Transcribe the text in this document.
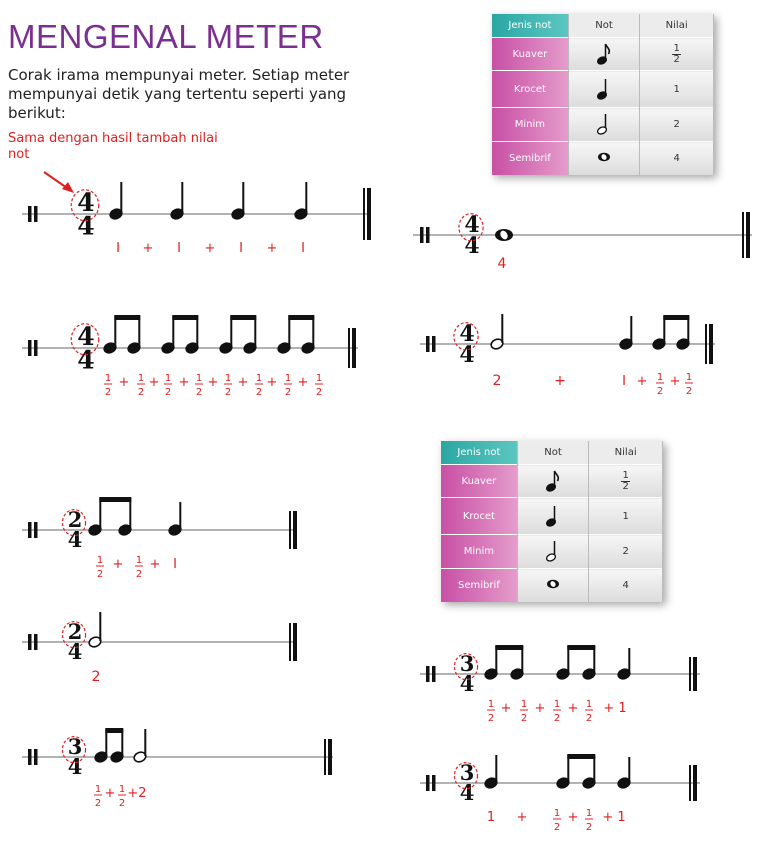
MENGENAL METER

Corak irama mempunyai meter. Setiap meter mempunyai detik yang tertentu seperti yang berikut:

Sama dengan hasil tambah nilai not
Jenis not	Not	Nilai
Kuaver		$\frac{1}{2}$

Krocet		1
Minim		2
Semibrif		4
Jenis not	Not	Nilai
Kuaver		$\frac{1}{2}$

Krocet		1
Minim		2
Semibrif		4
4
4
I + I + I + I
4
4
4
4
4
1
2
1
2
1
2
1
2
1
2
1
2
1
2
1
2
+ + + + + + +
4
4
2	+	I + 1
2
1
2
+
2
4
1
2
1
2
+ + I
2
4
2
3
4
1
2
1
2
+ +2
3
4
1
2
1
2
1
2
1
2
+ + + + 1
3
4
1 +	1
2
1
2
+ + 1
